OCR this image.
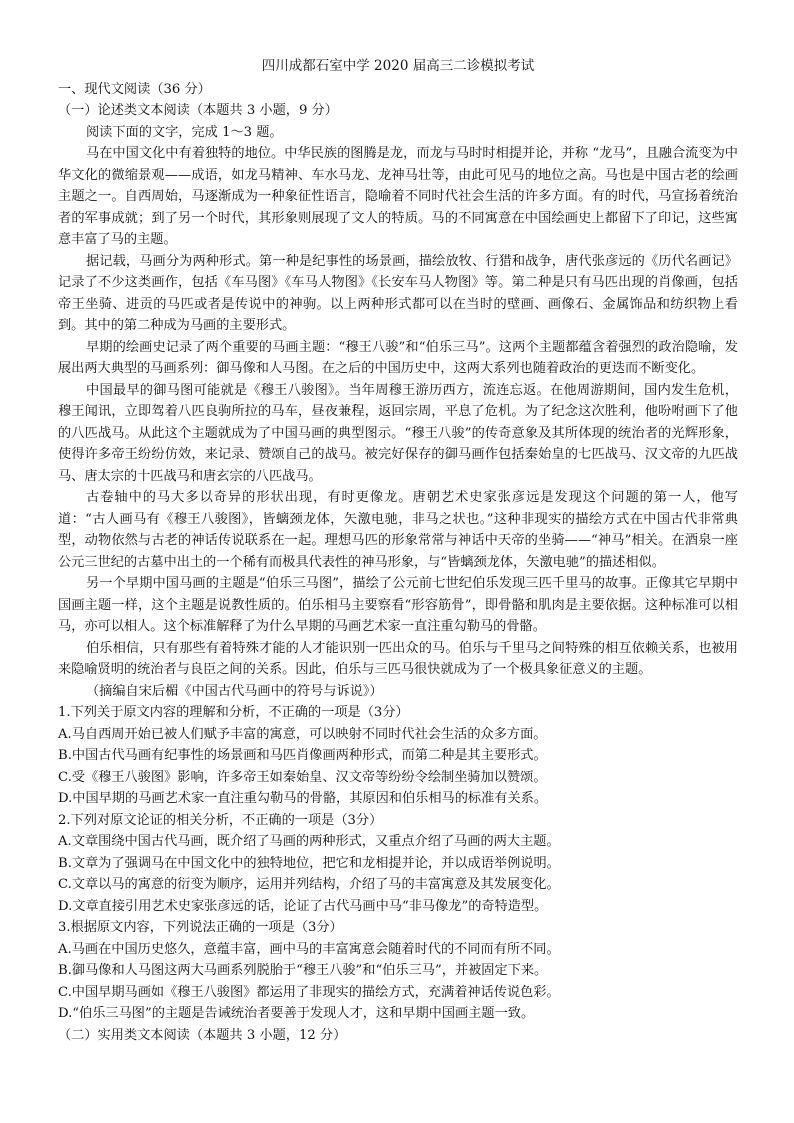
四川成都石室中学 2020 届高三二诊模拟考试
一、现代文阅读（36 分）
（一）论述类文本阅读（本题共 3 小题，9 分）

阅读下面的文字，完成 1～3 题。

马在中国文化中有着独特的地位。中华民族的图腾是龙，而龙与马时时相提并论，并称 “龙马”，且融合流变为中华文化的微缩景观——成语，如龙马精神、车水马龙、龙神马壮等，由此可见马的地位之高。马也是中国古老的绘画主题之一。自西周始，马逐渐成为一种象征性语言，隐喻着不同时代社会生活的许多方面。有的时代，马宣扬着统治者的军事成就；到了另一个时代，其形象则展现了文人的特质。马的不同寓意在中国绘画史上都留下了印记，这些寓意丰富了马的主题。

据记载，马画分为两种形式。第一种是纪事性的场景画，描绘放牧、行猎和战争，唐代张彦远的《历代名画记》记录了不少这类画作，包括《车马图》《车马人物图》《长安车马人物图》等。第二种是只有马匹出现的肖像画，包括帝王坐骑、进贡的马匹或者是传说中的神驹。以上两种形式都可以在当时的壁画、画像石、金属饰品和纺织物上看到。其中的第二种成为马画的主要形式。

早期的绘画史记录了两个重要的马画主题：“穆王八骏”和“伯乐三马”。这两个主题都蕴含着强烈的政治隐喻，发展出两大典型的马画系列：御马像和人马图。在之后的中国历史中，这两大系列也随着政治的更迭而不断变化。

中国最早的御马图可能就是《穆王八骏图》。当年周穆王游历西方，流连忘返。在他周游期间，国内发生危机，穆王闻讯，立即驾着八匹良驹所拉的马车，昼夜兼程，返回宗周，平息了危机。为了纪念这次胜利，他吩咐画下了他的八匹战马。从此这个主题就成为了中国马画的典型图示。“穆王八骏”的传奇意象及其所体现的统治者的光辉形象，使得许多帝王纷纷仿效，来记录、赞颂自己的战马。被完好保存的御马画作包括秦始皇的七匹战马、汉文帝的九匹战马、唐太宗的十匹战马和唐玄宗的八匹战马。

古卷轴中的马大多以奇异的形状出现，有时更像龙。唐朝艺术史家张彦远是发现这个问题的第一人，他写道：“古人画马有《穆王八骏图》，皆螭颈龙体，矢激电驰，非马之状也。”这种非现实的描绘方式在中国古代非常典型，动物依然与古老的神话传说联系在一起。理想马匹的形象常常与神话中天帝的坐骑——“神马”相关。在酒泉一座公元三世纪的古墓中出土的一个稀有而极具代表性的神马形象，与“皆螭颈龙体，矢激电驰”的描述相似。

另一个早期中国马画的主题是“伯乐三马图”，描绘了公元前七世纪伯乐发现三匹千里马的故事。正像其它早期中国画主题一样，这个主题是说教性质的。伯乐相马主要察看“形容筋骨”，即骨骼和肌肉是主要依据。这种标准可以相马，亦可以相人。这个标准解释了为什么早期的马画艺术家一直注重勾勒马的骨骼。

伯乐相信，只有那些有着特殊才能的人才能识别一匹出众的马。伯乐与千里马之间特殊的相互依赖关系，也被用来隐喻贤明的统治者与良臣之间的关系。因此，伯乐与三匹马很快就成为了一个极具象征意义的主题。

（摘编自宋后楣《中国古代马画中的符号与诉说》）

1.下列关于原文内容的理解和分析，不正确的一项是（3分）

A.马自西周开始已被人们赋予丰富的寓意，可以映射不同时代社会生活的众多方面。

B.中国古代马画有纪事性的场景画和马匹肖像画两种形式，而第二种是其主要形式。

C.受《穆王八骏图》影响，许多帝王如秦始皇、汉文帝等纷纷令绘制坐骑加以赞颂。

D.中国早期的马画艺术家一直注重勾勒马的骨骼，其原因和伯乐相马的标准有关系。

2.下列对原文论证的相关分析，不正确的一项是（3分）

A.文章围绕中国古代马画，既介绍了马画的两种形式，又重点介绍了马画的两大主题。

B.文章为了强调马在中国文化中的独特地位，把它和龙相提并论，并以成语举例说明。

C.文章以马的寓意的衍变为顺序，运用并列结构，介绍了马的丰富寓意及其发展变化。

D.文章直接引用艺术史家张彦远的话，论证了古代马画中马“非马像龙”的奇特造型。

3.根据原文内容，下列说法正确的一项是（3分）

A.马画在中国历史悠久，意蕴丰富，画中马的丰富寓意会随着时代的不同而有所不同。

B.御马像和人马图这两大马画系列脱胎于“穆王八骏”和“伯乐三马”，并被固定下来。

C.中国早期马画如《穆王八骏图》都运用了非现实的描绘方式，充满着神话传说色彩。

D.“伯乐三马图”的主题是告诫统治者要善于发现人才，这和早期中国画主题一致。

（二）实用类文本阅读（本题共 3 小题，12 分）
